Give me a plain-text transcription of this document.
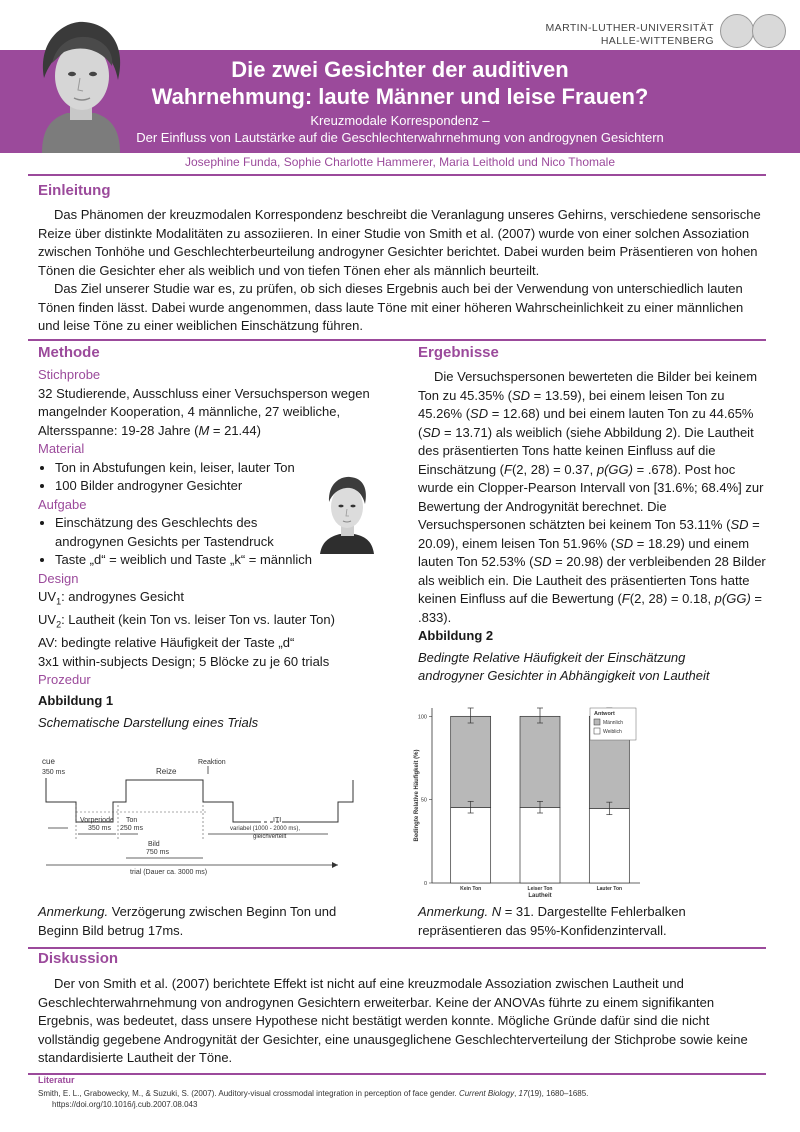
MARTIN-LUTHER-UNIVERSITÄT
HALLE-WITTENBERG
Die zwei Gesichter der auditiven
Wahrnehmung: laute Männer und leise Frauen?
Kreuzmodale Korrespondenz –
Der Einfluss von Lautstärke auf die Geschlechterwahrnehmung von androgynen Gesichtern
Josephine Funda, Sophie Charlotte Hammerer, Maria Leithold und Nico Thomale
Einleitung

Das Phänomen der kreuzmodalen Korrespondenz beschreibt die Veranlagung unseres Gehirns, verschiedene sensorische Reize über distinkte Modalitäten zu assoziieren. In einer Studie von Smith et al. (2007) wurde von einer solchen Assoziation zwischen Tonhöhe und Geschlechterbeurteilung androgyner Gesichter berichtet. Dabei wurden beim Präsentieren von hohen Tönen die Gesichter eher als weiblich und von tiefen Tönen eher als männlich beurteilt.

Das Ziel unserer Studie war es, zu prüfen, ob sich dieses Ergebnis auch bei der Verwendung von unterschiedlich lauten Tönen finden lässt. Dabei wurde angenommen, dass laute Töne mit einer höheren Wahrscheinlichkeit zu einer männlichen und leise Töne zu einer weiblichen Einschätzung führen.

Methode
Stichprobe

32 Studierende, Ausschluss einer Versuchsperson wegen mangelnder Kooperation, 4 männliche, 27 weibliche, Altersspanne: 19-28 Jahre (M = 21.44)

Material
• Ton in Abstufungen kein, leiser, lauter Ton
• 100 Bilder androgyner Gesichter
Aufgabe
• Einschätzung des Geschlechts des
androgynen Gesichts per Tastendruck
• Taste „d“ = weiblich und Taste „k“ = männlich
Design

$UV_1$: androgynes Gesicht

$UV_2$: Lautheit (kein Ton vs. leiser Ton vs. lauter Ton)

AV: bedingte relative Häufigkeit der Taste „d“

3x1 within-subjects Design; 5 Blöcke zu je 60 trials

Prozedur
Abbildung 1
Schematische Darstellung eines Trials
cue
350 ms	Reize
Reaktion
Vorperiode
350 ms
Ton
250 ms
ITI
variabel (1000 - 2000 ms),
gleichverteilt
Bild
750 ms
trial (Dauer ca. 3000 ms)
Anmerkung. Verzögerung zwischen Beginn Ton und Beginn Bild betrug 17ms.
Ergebnisse
Die Versuchspersonen bewerteten die Bilder bei keinem Ton zu 45.35% (SD = 13.59), bei einem leisen Ton zu 45.26% (SD = 12.68) und bei einem lauten Ton zu 44.65% (SD = 13.71) als weiblich (siehe Abbildung 2). Die Lautheit des präsentierten Tons hatte keinen Einfluss auf die Einschätzung (F(2, 28) = 0.37, p(GG) = .678). Post hoc wurde ein Clopper-Pearson Intervall von [31.6%; 68.4%] zur Bewertung der Androgynität berechnet. Die Versuchspersonen schätzten bei keinem Ton 53.11% (SD = 20.09), einem leisen Ton 51.96% (SD = 18.29) und einem lauten Ton 52.53% (SD = 20.98) der verbleibenden 28 Bilder als weiblich ein. Die Lautheit des präsentierten Tons hatte keinen Einfluss auf die Bewertung (F(2, 28) = 0.18, p(GG) = .833).
Abbildung 2
Bedingte Relative Häufigkeit der Einschätzung
androgyner Gesichter in Abhängigkeit von Lautheit
0
50
100
Bedingte Relative Häufigkeit (%)
Kein Ton	Leiser Ton	Lauter Ton
Lautheit
Antwort
Männlich
Weiblich
Anmerkung. N = 31. Dargestellte Fehlerbalken repräsentieren das 95%-Konfidenzintervall.
Diskussion
Der von Smith et al. (2007) berichtete Effekt ist nicht auf eine kreuzmodale Assoziation zwischen Lautheit und Geschlechterwahrnehmung von androgynen Gesichtern erweiterbar. Keine der ANOVAs führte zu einem signifikanten Ergebnis, was bedeutet, dass unsere Hypothese nicht bestätigt werden konnte. Mögliche Gründe dafür sind die nicht vollständig gegebene Androgynität der Gesichter, eine unausgeglichene Geschlechterverteilung der Stichprobe sowie keine standardisierte Lautheit der Töne.
Literatur
Smith, E. L., Grabowecky, M., & Suzuki, S. (2007). Auditory-visual crossmodal integration in perception of face gender. Current Biology, 17(19), 1680–1685.
https://doi.org/10.1016/j.cub.2007.08.043
